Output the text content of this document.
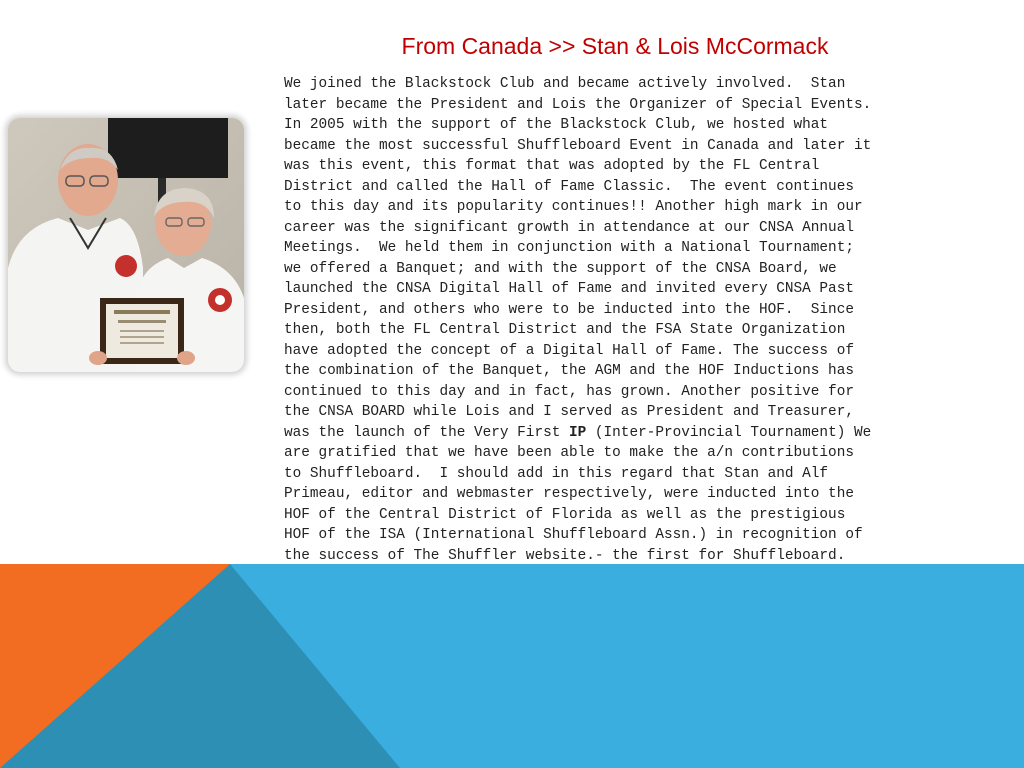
From Canada >> Stan & Lois McCormack
We joined the Blackstock Club and became actively involved.  Stan
later became the President and Lois the Organizer of Special Events.
In 2005 with the support of the Blackstock Club, we hosted what
became the most successful Shuffleboard Event in Canada and later it
was this event, this format that was adopted by the FL Central
District and called the Hall of Fame Classic.  The event continues
to this day and its popularity continues!! Another high mark in our
career was the significant growth in attendance at our CNSA Annual
Meetings.  We held them in conjunction with a National Tournament;
we offered a Banquet; and with the support of the CNSA Board, we
launched the CNSA Digital Hall of Fame and invited every CNSA Past
President, and others who were to be inducted into the HOF.  Since
then, both the FL Central District and the FSA State Organization
have adopted the concept of a Digital Hall of Fame. The success of
the combination of the Banquet, the AGM and the HOF Inductions has
continued to this day and in fact, has grown. Another positive for
the CNSA BOARD while Lois and I served as President and Treasurer,
was the launch of the Very First IP (Inter-Provincial Tournament) We
are gratified that we have been able to make the a/n contributions
to Shuffleboard.  I should add in this regard that Stan and Alf
Primeau, editor and webmaster respectively, were inducted into the
HOF of the Central District of Florida as well as the prestigious
HOF of the ISA (International Shuffleboard Assn.) in recognition of
the success of The Shuffler website.- the first for Shuffleboard.
